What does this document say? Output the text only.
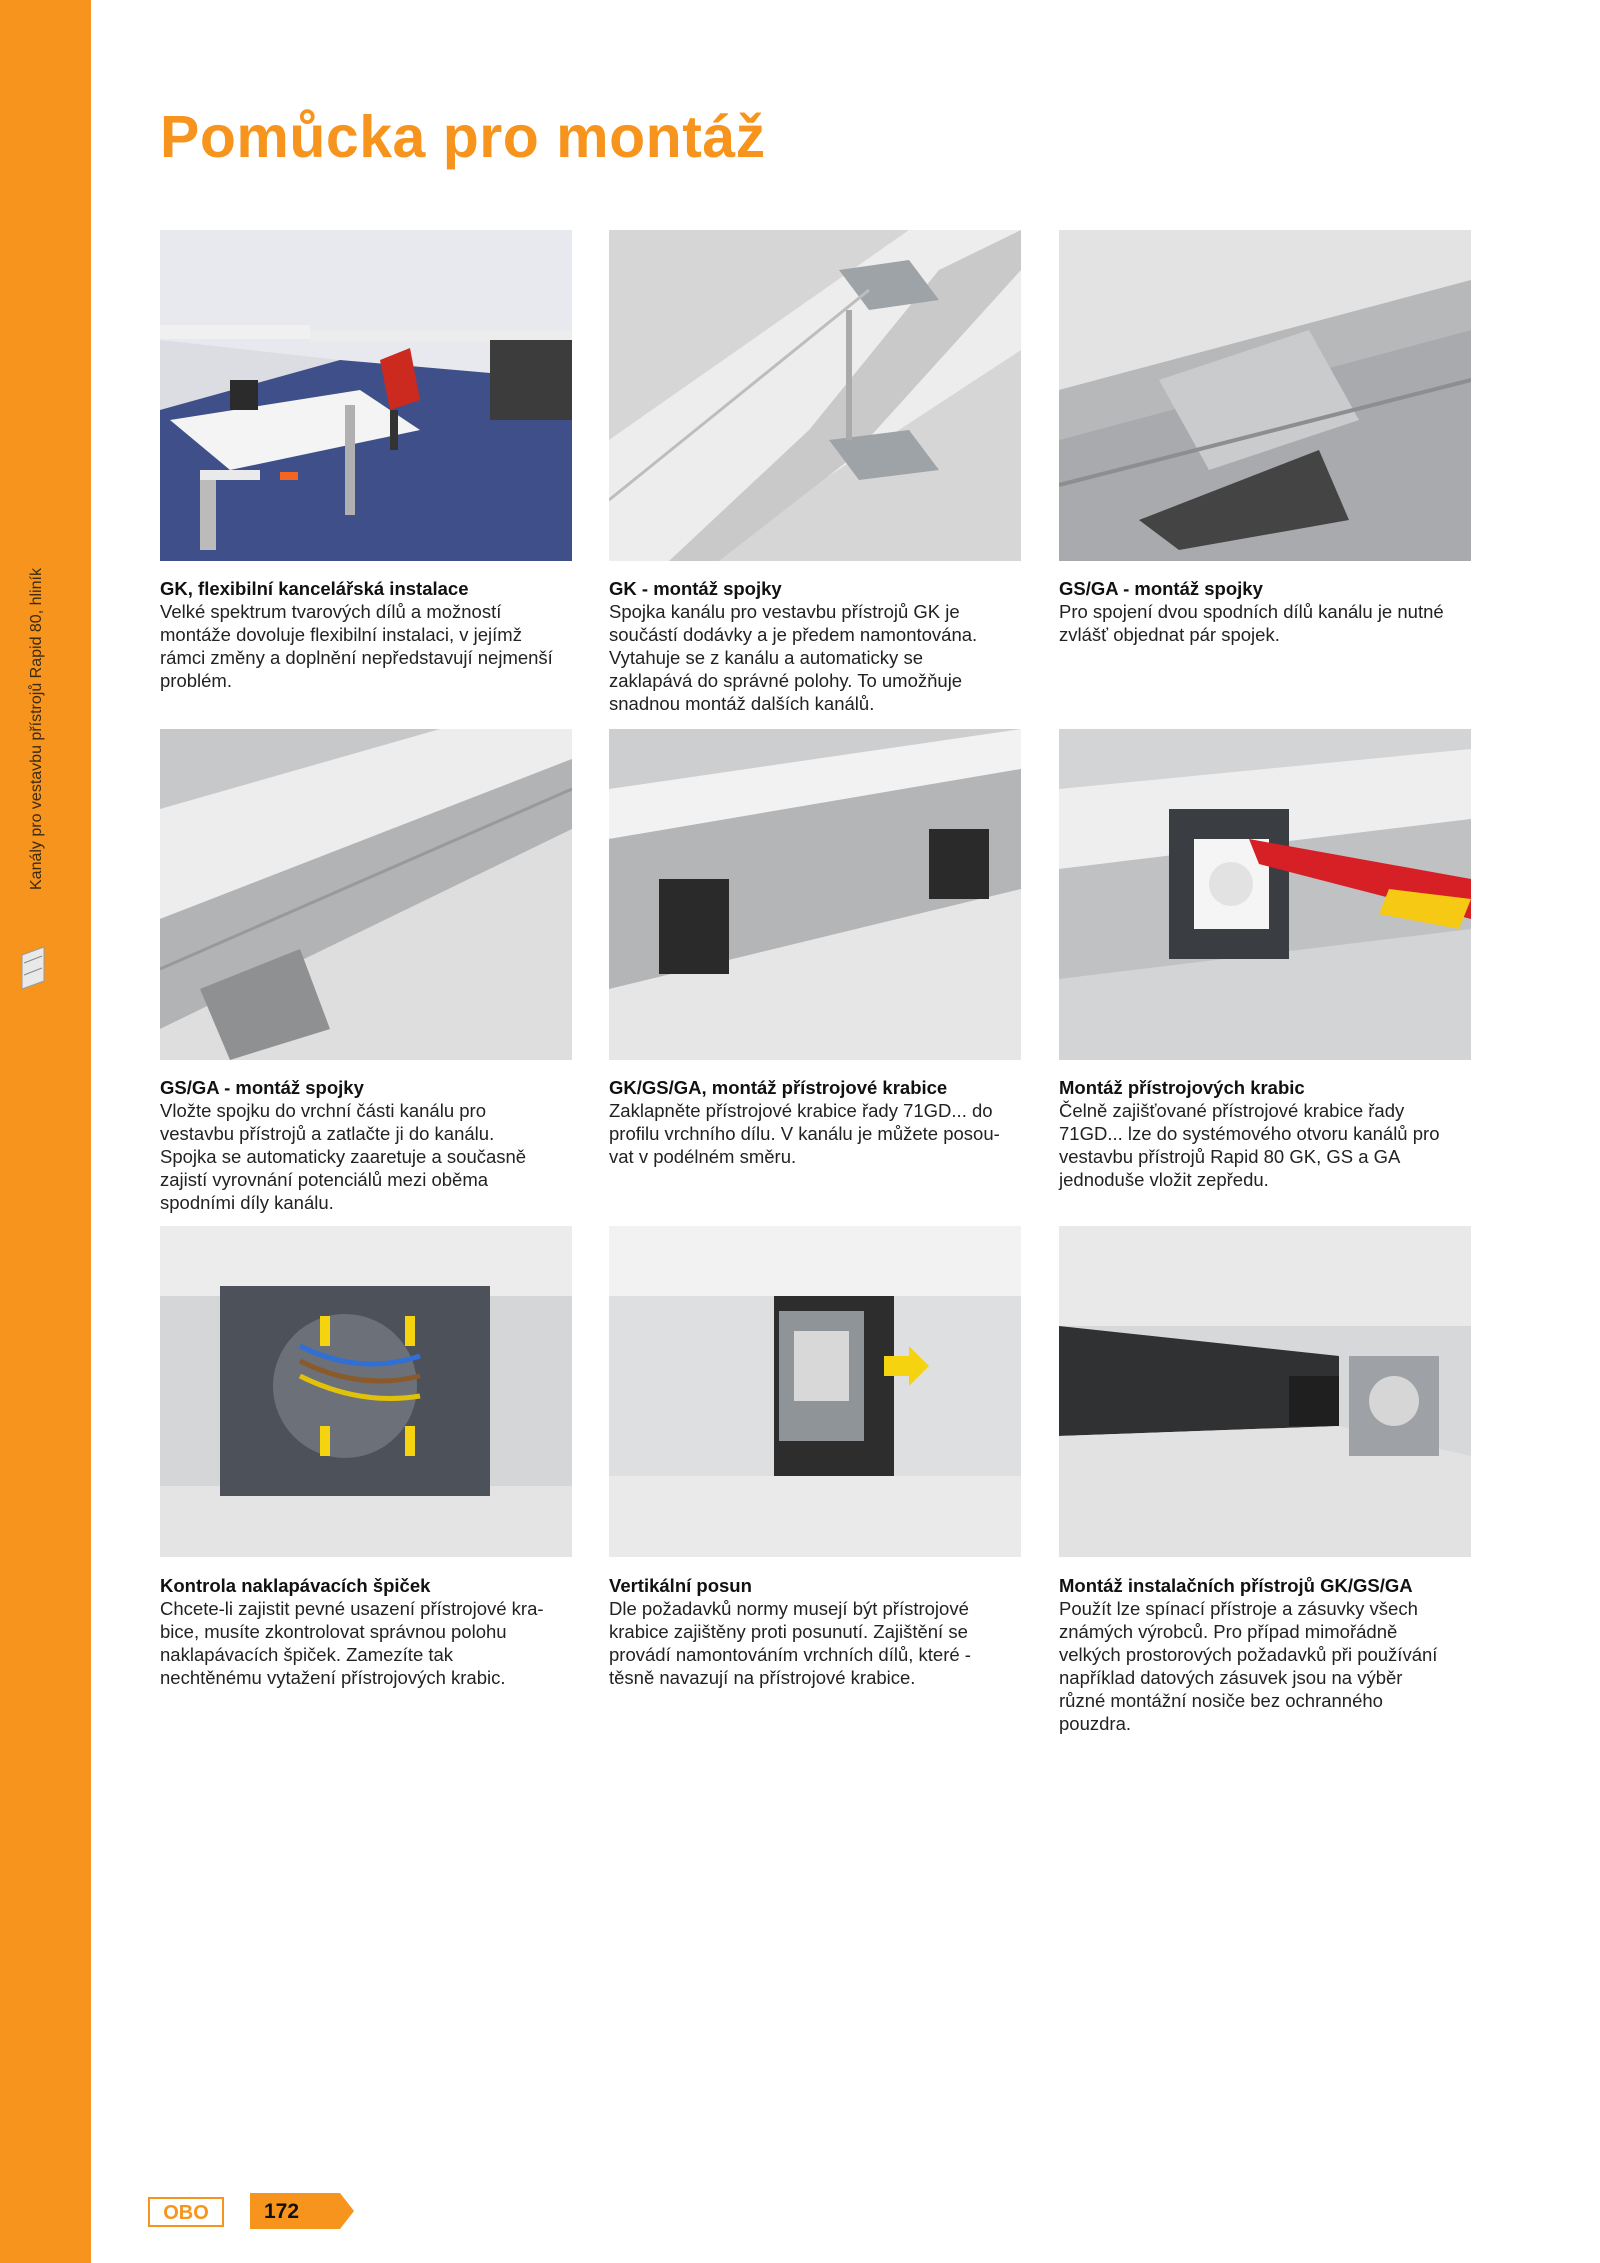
Kanály pro vestavbu přístrojů Rapid 80, hliník
Pomůcka pro montáž
GK, flexibilní kancelářská instalace

Velké spektrum tvarových dílů a možností

montáže dovoluje flexibilní instalaci, v jejímž

rámci změny a doplnění nepředstavují nejmenší

problém.

GK - montáž spojky

Spojka kanálu pro vestavbu přístrojů GK je

součástí dodávky a je předem namontována.

Vytahuje se z kanálu a automaticky se

zaklapává do správné polohy. To umožňuje

snadnou montáž dalších kanálů.

GS/GA - montáž spojky

Pro spojení dvou spodních dílů kanálu je nutné

zvlášť objednat pár spojek.

GS/GA - montáž spojky

Vložte spojku do vrchní části kanálu pro

vestavbu přístrojů a zatlačte ji do kanálu.

Spojka se automaticky zaaretuje a současně

zajistí vyrovnání potenciálů mezi oběma

spodními díly kanálu.

GK/GS/GA, montáž přístrojové krabice

Zaklapněte přístrojové krabice řady 71GD... do

profilu vrchního dílu. V kanálu je můžete posou-

vat v podélném směru.

Montáž přístrojových krabic

Čelně zajišťované přístrojové krabice řady

71GD... lze do systémového otvoru kanálů pro

vestavbu přístrojů Rapid 80 GK, GS a GA

jednoduše vložit zepředu.

Kontrola naklapávacích špiček

Chcete-li zajistit pevné usazení přístrojové kra-

bice, musíte zkontrolovat správnou polohu

naklapávacích špiček. Zamezíte tak

nechtěnému vytažení přístrojových krabic.

Vertikální posun

Dle požadavků normy musejí být přístrojové

krabice zajištěny proti posunutí. Zajištění se

provádí namontováním vrchních dílů, které -

těsně navazují na přístrojové krabice.

Montáž instalačních přístrojů GK/GS/GA

Použít lze spínací přístroje a zásuvky všech

známých výrobců. Pro případ mimořádně

velkých prostorových požadavků při používání

například datových zásuvek jsou na výběr

různé montážní nosiče bez ochranného

pouzdra.

OBO	172
